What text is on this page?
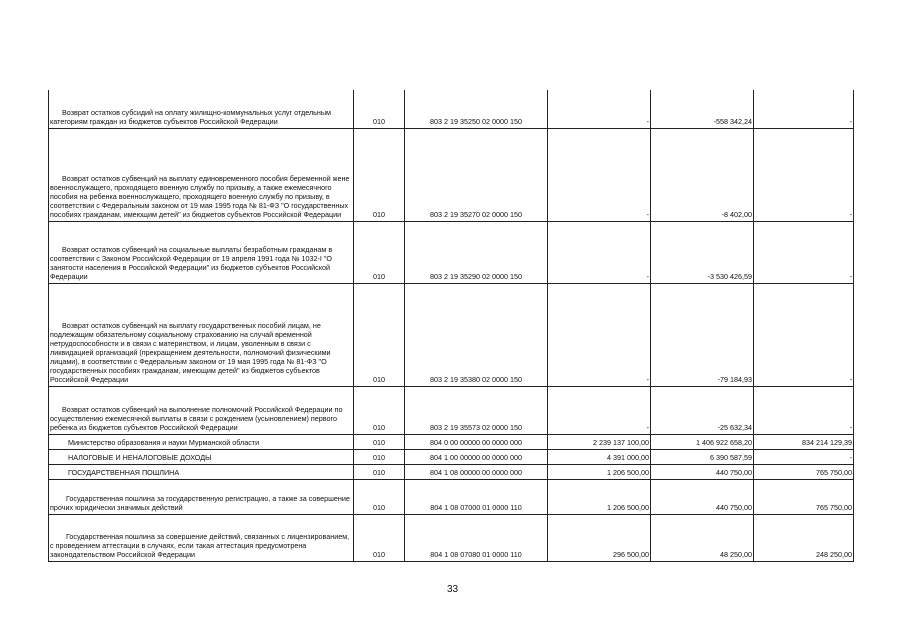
Возврат остатков субсидий на оплату жилищно-коммунальных услуг отдельным категориям граждан из бюджетов субъектов Российской Федерации	010	803 2 19 35250 02 0000 150	-	-558 342,24	-

Возврат остатков субвенций на выплату единовременного пособия беременной жене военнослужащего, проходящего военную службу по призыву, а также ежемесячного пособия на ребенка военнослужащего, проходящего военную службу по призыву, в соответствии с Федеральным законом от 19 мая 1995 года № 81-ФЗ "О государственных пособиях гражданам, имеющим детей" из бюджетов субъектов Российской Федерации	010	803 2 19 35270 02 0000 150	-	-8 402,00	-

Возврат остатков субвенций на социальные выплаты безработным гражданам в соответствии с Законом Российской Федерации от 19 апреля 1991 года № 1032-I "О занятости населения в Российской Федерации" из бюджетов субъектов Российской Федерации	010	803 2 19 35290 02 0000 150	-	-3 530 426,59	-

Возврат остатков субвенций на выплату государственных пособий лицам, не подлежащим обязательному социальному страхованию на случай временной нетрудоспособности и в связи с материнством, и лицам, уволенным в связи с ликвидацией организаций (прекращением деятельности, полномочий физическими лицами), в соответствии с Федеральным законом от 19 мая 1995 года № 81-ФЗ "О государственных пособиях гражданам, имеющим детей" из бюджетов субъектов Российской Федерации	010	803 2 19 35380 02 0000 150	-	-79 184,93	-

Возврат остатков субвенций на выполнение полномочий Российской Федерации по осуществлению ежемесячной выплаты в связи с рождением (усыновлением) первого ребенка из бюджетов субъектов Российской Федерации	010	803 2 19 35573 02 0000 150	-	-25 632,34	-

Министерство образования и науки Мурманской области	010	804 0 00 00000 00 0000 000	2 239 137 100,00	1 406 922 658,20	834 214 129,39

НАЛОГОВЫЕ И НЕНАЛОГОВЫЕ ДОХОДЫ	010	804 1 00 00000 00 0000 000	4 391 000,00	6 390 587,59	-

ГОСУДАРСТВЕННАЯ ПОШЛИНА	010	804 1 08 00000 00 0000 000	1 206 500,00	440 750,00	765 750,00

Государственная пошлина за государственную регистрацию, а также за совершение прочих юридически значимых действий	010	804 1 08 07000 01 0000 110	1 206 500,00	440 750,00	765 750,00

Государственная пошлина за совершение действий, связанных с лицензированием, с проведением аттестации в случаях, если такая аттестация предусмотрена законодательством Российской Федерации	010	804 1 08 07080 01 0000 110	296 500,00	48 250,00	248 250,00
33
